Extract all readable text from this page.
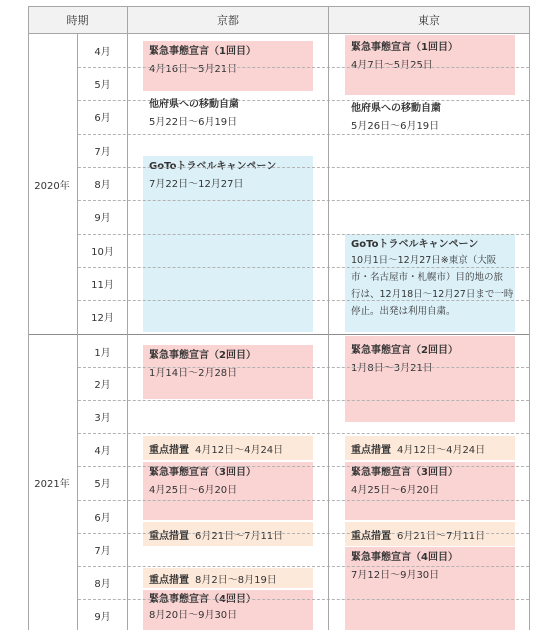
時期	京都	東京
緊急事態宣言（1回目）
4月16日～5月21日
他府県への移動自粛
5月22日～6月19日
GoToトラベルキャンペーン
7月22日～12月27日
緊急事態宣言（2回目）
1月14日～2月28日
重点措置 4月12日～4月24日
緊急事態宣言（3回目）
4月25日～6月20日
重点措置 6月21日～7月11日
重点措置 8月2日～8月19日
緊急事態宣言（4回目）
8月20日～9月30日
緊急事態宣言（1回目）
4月7日～5月25日
他府県への移動自粛
5月26日～6月19日
GoToトラベルキャンペーン
10月1日～12月27日※東京（大阪
市・名古屋市・札幌市）目的地の旅
行は、12月18日～12月27日まで一時
停止。出発は利用自粛。
緊急事態宣言（2回目）
1月8日～3月21日
重点措置 4月12日～4月24日
緊急事態宣言（3回目）
4月25日～6月20日
重点措置 6月21日～7月11日
緊急事態宣言（4回目）
7月12日～9月30日
2020年
2021年
4月
5月
6月
7月
8月
9月
10月
11月
12月
1月
2月
3月
4月
5月
6月
7月
8月
9月
